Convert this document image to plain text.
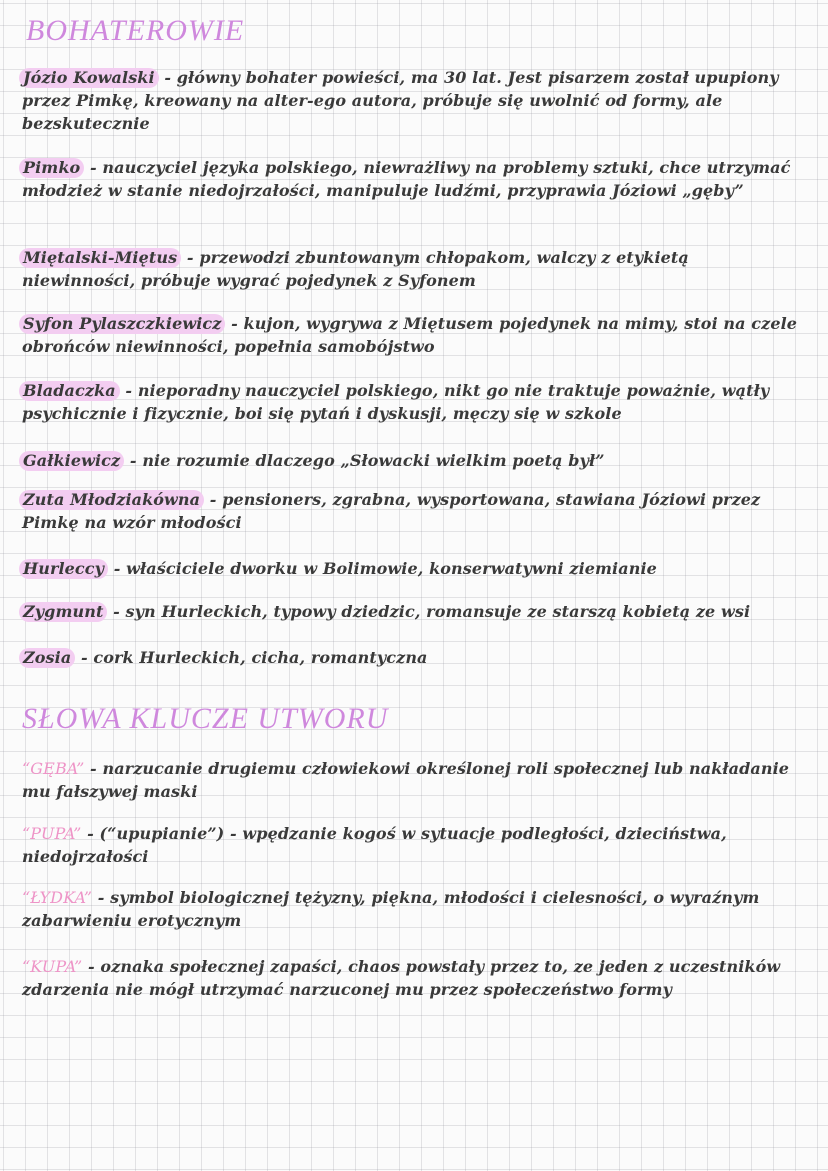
BOHATEROWIE

Józio Kowalski - główny bohater powieści, ma 30 lat. Jest pisarzem został upupiony przez Pimkę, kreowany na alter-ego autora, próbuje się uwolnić od formy, ale bezskutecznie

Pimko - nauczyciel języka polskiego, niewrażliwy na problemy sztuki, chce utrzymać młodzież w stanie niedojrzałości, manipuluje ludźmi, przyprawia Józiowi „gęby”

Miętalski-Miętus - przewodzi zbuntowanym chłopakom, walczy z etykietą niewinności, próbuje wygrać pojedynek z Syfonem

Syfon Pylaszczkiewicz - kujon, wygrywa z Miętusem pojedynek na mimy, stoi na czele obrońców niewinności, popełnia samobójstwo

Bladaczka - nieporadny nauczyciel polskiego, nikt go nie traktuje poważnie, wątły psychicznie i fizycznie, boi się pytań i dyskusji, męczy się w szkole

Gałkiewicz - nie rozumie dlaczego „Słowacki wielkim poetą był”

Zuta Młodziakówna - pensioners, zgrabna, wysportowana, stawiana Józiowi przez Pimkę na wzór młodości

Hurleccy - właściciele dworku w Bolimowie, konserwatywni ziemianie

Zygmunt - syn Hurleckich, typowy dziedzic, romansuje ze starszą kobietą ze wsi

Zosia - cork Hurleckich, cicha, romantyczna

SŁOWA KLUCZE UTWORU

“GĘBA” - narzucanie drugiemu człowiekowi określonej roli społecznej lub nakładanie mu fałszywej maski

“PUPA” - (“upupianie”) - wpędzanie kogoś w sytuacje podległości, dzieciństwa, niedojrzałości

“ŁYDKA” - symbol biologicznej tężyzny, piękna, młodości i cielesności, o wyraźnym zabarwieniu erotycznym

“KUPA” - oznaka społecznej zapaści, chaos powstały przez to, ze jeden z uczestników zdarzenia nie mógł utrzymać narzuconej mu przez społeczeństwo formy
